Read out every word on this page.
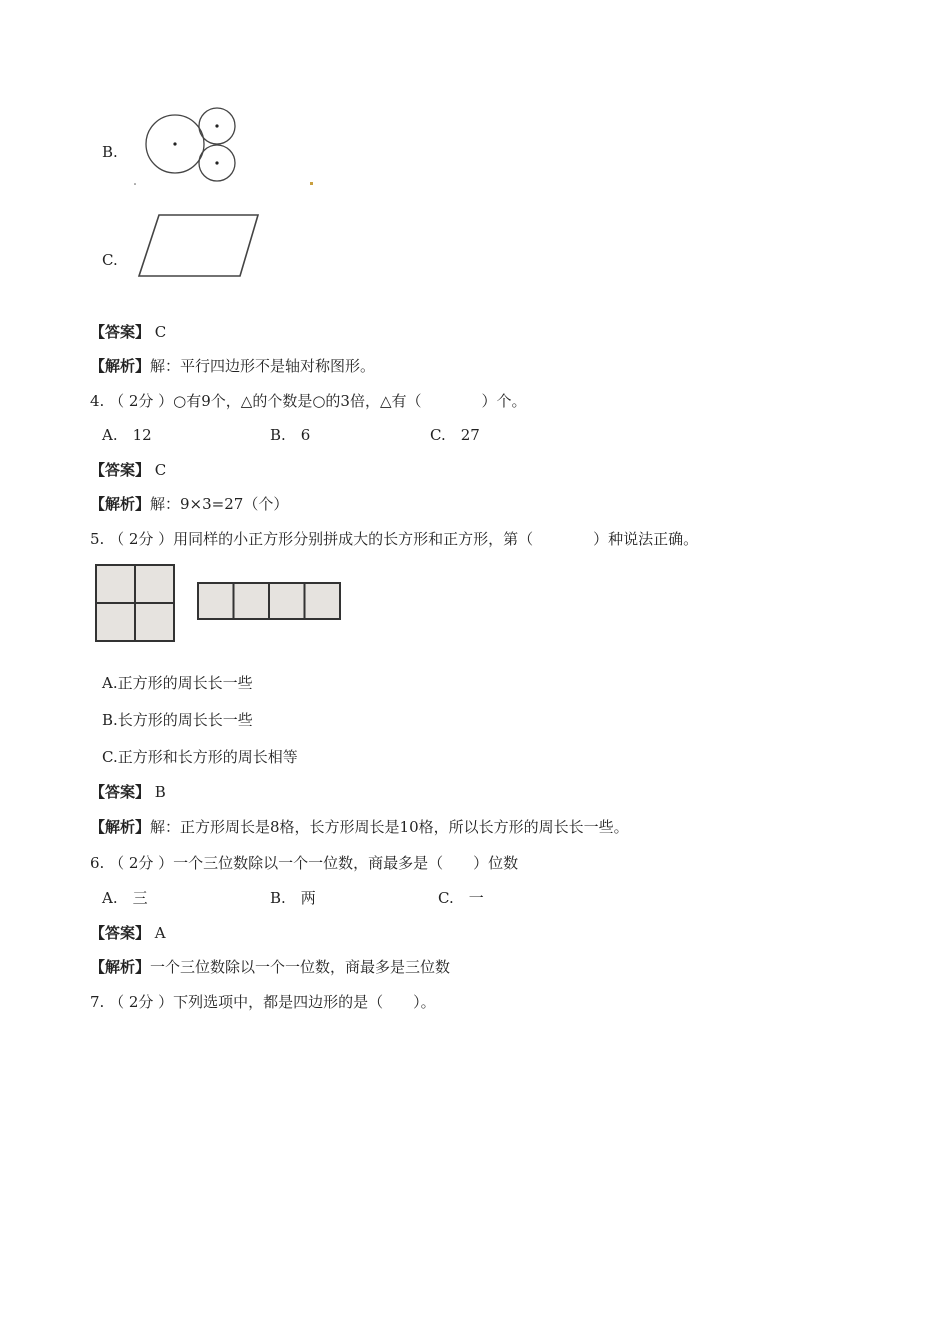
B.
C.
【答案】 C
【解析】解：平行四边形不是轴对称图形。
4. （ 2分 ）○有9个，△的个数是○的3倍，△有（　　　　）个。
A.　12	B.　6	C.　27
【答案】 C
【解析】解：9×3=27（个）
5. （ 2分 ）用同样的小正方形分别拼成大的长方形和正方形，第（　　　　）种说法正确。
A.正方形的周长长一些
B.长方形的周长长一些
C.正方形和长方形的周长相等
【答案】 B
【解析】解：正方形周长是8格，长方形周长是10格，所以长方形的周长长一些。
6. （ 2分 ）一个三位数除以一个一位数，商最多是（　　）位数
A.　三	B.　两	C.　一
【答案】 A
【解析】一个三位数除以一个一位数，商最多是三位数
7. （ 2分 ）下列选项中，都是四边形的是（　　）。
